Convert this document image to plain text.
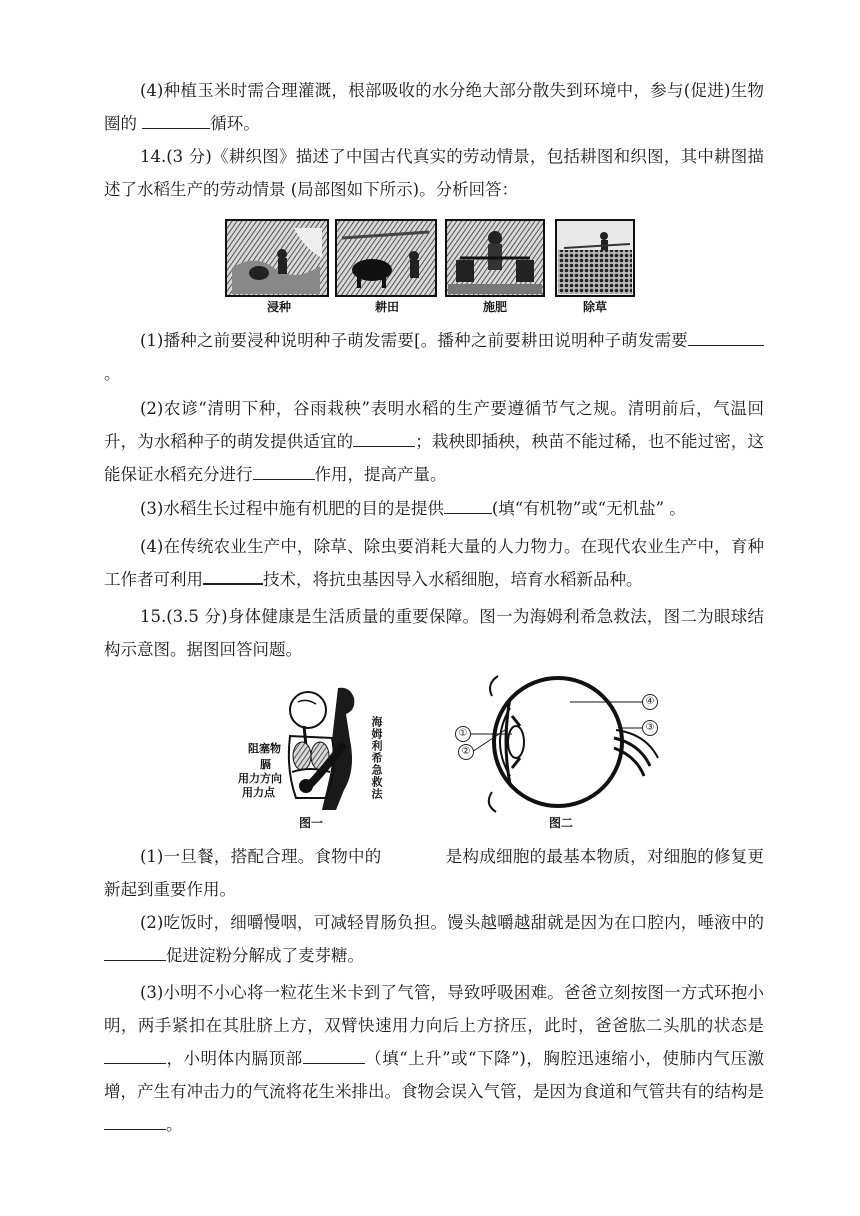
(4)种植玉米时需合理灌溉，根部吸收的水分绝大部分散失到环境中，参与(促进)生物圈的	循环。

14.(3 分)《耕织图》描述了中国古代真实的劳动情景，包括耕图和织图，其中耕图描述了水稻生产的劳动情景 (局部图如下所示)。分析回答：

浸种	耕田	施肥	除草

(1)播种之前要浸种说明种子萌发需要[。播种之前要耕田说明种子萌发需要。

(2)农谚“清明下种，谷雨栽秧”表明水稻的生产要遵循节气之规。清明前后，气温回升，为水稻种子的萌发提供适宜的	；栽秧即插秧，秧苗不能过稀，也不能过密，这能保证水稻充分进行	作用，提高产量。

(3)水稻生长过程中施有机肥的目的是提供	(填“有机物”或“无机盐” 。

(4)在传统农业生产中，除草、除虫要消耗大量的人力物力。在现代农业生产中，育种工作者可利用	技术，将抗虫基因导入水稻细胞，培育水稻新品种。

15.(3.5 分)身体健康是生活质量的重要保障。图一为海姆利希急救法，图二为眼球结构示意图。据图回答问题。

阻塞物
膈
用力方向
用力点	海姆利希急救法
图一
①
②
③
④
图二

(1)一旦餐，搭配合理。食物中的	是构成细胞的最基本物质，对细胞的修复更新起到重要作用。

(2)吃饭时，细嚼慢咽，可减轻胃肠负担。馒头越嚼越甜就是因为在口腔内，唾液中的促进淀粉分解成了麦芽糖。

(3)小明不小心将一粒花生米卡到了气管，导致呼吸困难。爸爸立刻按图一方式环抱小明，两手紧扣在其肚脐上方，双臂快速用力向后上方挤压，此时，爸爸肱二头肌的状态是，小明体内膈顶部	（填“上升”或“下降”)，胸腔迅速缩小，使肺内气压激增，产生有冲击力的气流将花生米排出。食物会误入气管，是因为食道和气管共有的结构是。
